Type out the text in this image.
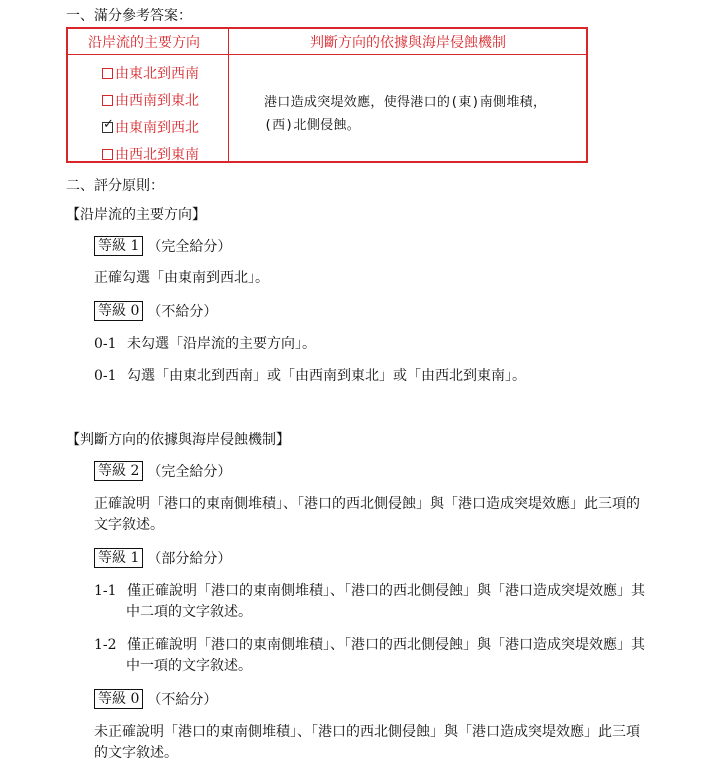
一、滿分參考答案：
沿岸流的主要方向	判斷方向的依據與海岸侵蝕機制
由東北到西南
由西南到東北
✓ 由東南到西北
由西北到東南
港口造成突堤效應，使得港口的(東)南側堆積，
(西)北側侵蝕。
二、評分原則：
【沿岸流的主要方向】
等級 1 （完全給分）
正確勾選「由東南到西北」。
等級 0 （不給分）
0-1 未勾選「沿岸流的主要方向」。
0-1 勾選「由東北到西南」或「由西南到東北」或「由西北到東南」。
【判斷方向的依據與海岸侵蝕機制】
等級 2 （完全給分）
正確說明「港口的東南側堆積」、「港口的西北側侵蝕」與「港口造成突堤效應」此三項的
文字敘述。
等級 1 （部分給分）
1-1 僅正確說明「港口的東南側堆積」、「港口的西北側侵蝕」與「港口造成突堤效應」其
中二項的文字敘述。
1-2 僅正確說明「港口的東南側堆積」、「港口的西北側侵蝕」與「港口造成突堤效應」其
中一項的文字敘述。
等級 0 （不給分）
未正確說明「港口的東南側堆積」、「港口的西北側侵蝕」與「港口造成突堤效應」此三項
的文字敘述。
